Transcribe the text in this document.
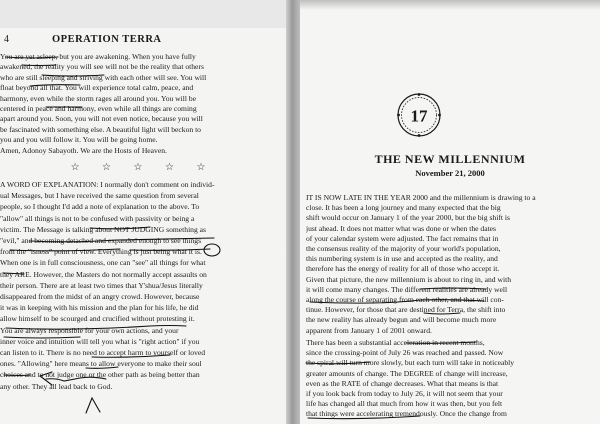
4	OPERATION TERRA
You are yet asleep, but you are awakening. When you have fully
awakened, the reality you will see will not be the reality that others
who are still sleeping and striving with each other will see. You will
float beyond all that. You will experience total calm, peace, and
harmony, even while the storm rages all around you. You will be
centered in peace and harmony, even while all things are coming
apart around you. Soon, you will not even notice, because you will
be fascinated with something else. A beautiful light will beckon to
you and you will follow it. You will be going home.
Amen, Adonoy Sabayoth. We are the Hosts of Heaven.
☆ ☆ ☆ ☆ ☆
A WORD OF EXPLANATION: I normally don't comment on individ-
ual Messages, but I have received the same question from several
people, so I thought I'd add a note of explanation to the above. To
"allow" all things is not to be confused with passivity or being a
victim. The Message is talking about NOT JUDGING something as
"evil," and becoming detached and expanded enough to see things
from the "isness" point of view. Everything is just being what it is.
When one is in full consciousness, one can "see" all things for what
they ARE. However, the Masters do not normally accept assaults on
their person. There are at least two times that Y'shua/Jesus literally
disappeared from the midst of an angry crowd. However, because
it was in keeping with his mission and the plan for his life, he did
allow himself to be scourged and crucified without protesting it.
You are always responsible for your own actions, and your
inner voice and intuition will tell you what is "right action" if you
can listen to it. There is no need to accept harm to yourself or loved
ones. "Allowing" here means to allow everyone to make their soul
choices and to not judge one or the other path as being better than
any other. They all lead back to God.
17
THE NEW MILLENNIUM
November 21, 2000
IT IS NOW LATE IN THE YEAR 2000 and the millennium is drawing to a
close. It has been a long journey and many expected that the big
shift would occur on January 1 of the year 2000, but the big shift is
just ahead. It does not matter what was done or when the dates
of your calendar system were adjusted. The fact remains that in
the consensus reality of the majority of your world's population,
this numbering system is in use and accepted as the reality, and
therefore has the energy of reality for all of those who accept it.
Given that picture, the new millennium is about to ring in, and with
it will come many changes. The different realities are already well
along the course of separating from each other, and that will con-
tinue. However, for those that are destined for Terra, the shift into
the new reality has already begun and will become much more
apparent from January 1 of 2001 onward.
There has been a substantial acceleration in recent months,
since the crossing-point of July 26 was reached and passed. Now
the spiral will turn more slowly, but each turn will take in noticeably
greater amounts of change. The DEGREE of change will increase,
even as the RATE of change decreases. What that means is that
if you look back from today to July 26, it will not seem that your
life has changed all that much from how it was then, but you felt
that things were accelerating tremendously. Once the change from
